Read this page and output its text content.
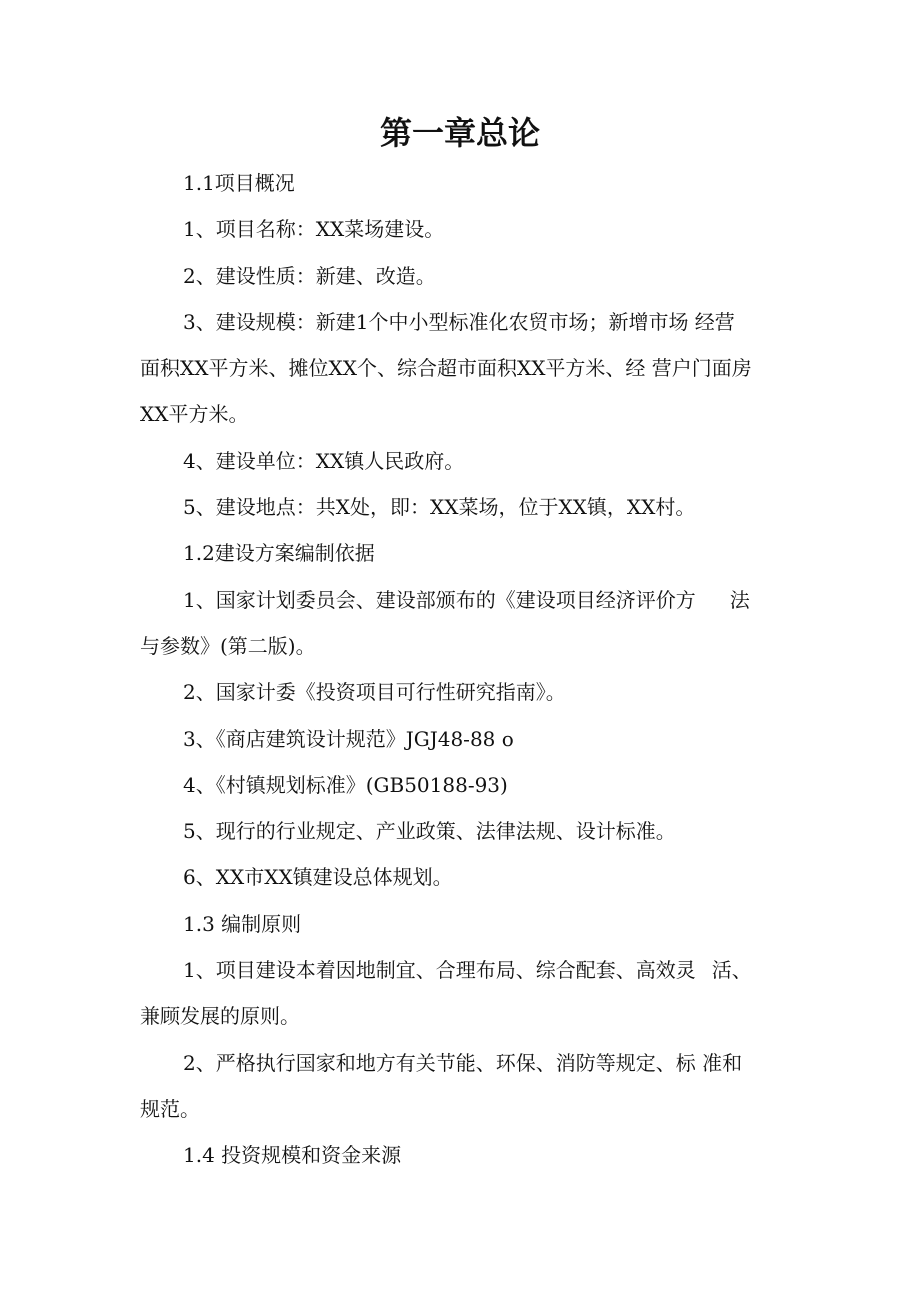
第一章总论

1.1项目概况

1、项目名称：XX菜场建设。

2、建设性质：新建、改造。

3、建设规模：新建1个中小型标准化农贸市场；新增市场 经营

面积XX平方米、摊位XX个、综合超市面积XX平方米、经 营户门面房

XX平方米。

4、建设单位：XX镇人民政府。

5、建设地点：共X处，即：XX菜场，位于XX镇，XX村。

1.2建设方案编制依据

1、国家计划委员会、建设部颁布的《建设项目经济评价方 法

与参数》(第二版)。

2、国家计委《投资项目可行性研究指南》。

3、《商店建筑设计规范》JGJ48-88 o

4、《村镇规划标准》(GB50188-93)

5、现行的行业规定、产业政策、法律法规、设计标准。

6、XX市XX镇建设总体规划。

1.3 编制原则

1、项目建设本着因地制宜、合理布局、综合配套、高效灵 活、

兼顾发展的原则。

2、严格执行国家和地方有关节能、环保、消防等规定、标 准和

规范。

1.4 投资规模和资金来源
